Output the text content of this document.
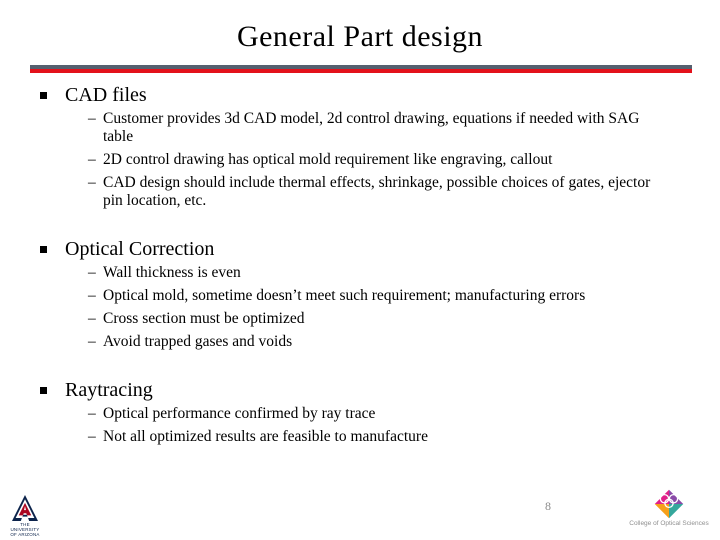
General Part design
CAD files
– Customer provides 3d CAD model, 2d control drawing, equations if needed with SAG table
– 2D control drawing has optical mold requirement like engraving, callout
– CAD design should include thermal effects, shrinkage, possible choices of gates, ejector pin location, etc.
Optical Correction
– Wall thickness is even
– Optical mold, sometime doesn’t meet such requirement; manufacturing errors
– Cross section must be optimized
– Avoid trapped gases and voids
Raytracing
– Optical performance confirmed by ray trace
– Not all optimized results are feasible to manufacture
8
THE UNIVERSITY
OF ARIZONA
College of Optical Sciences
